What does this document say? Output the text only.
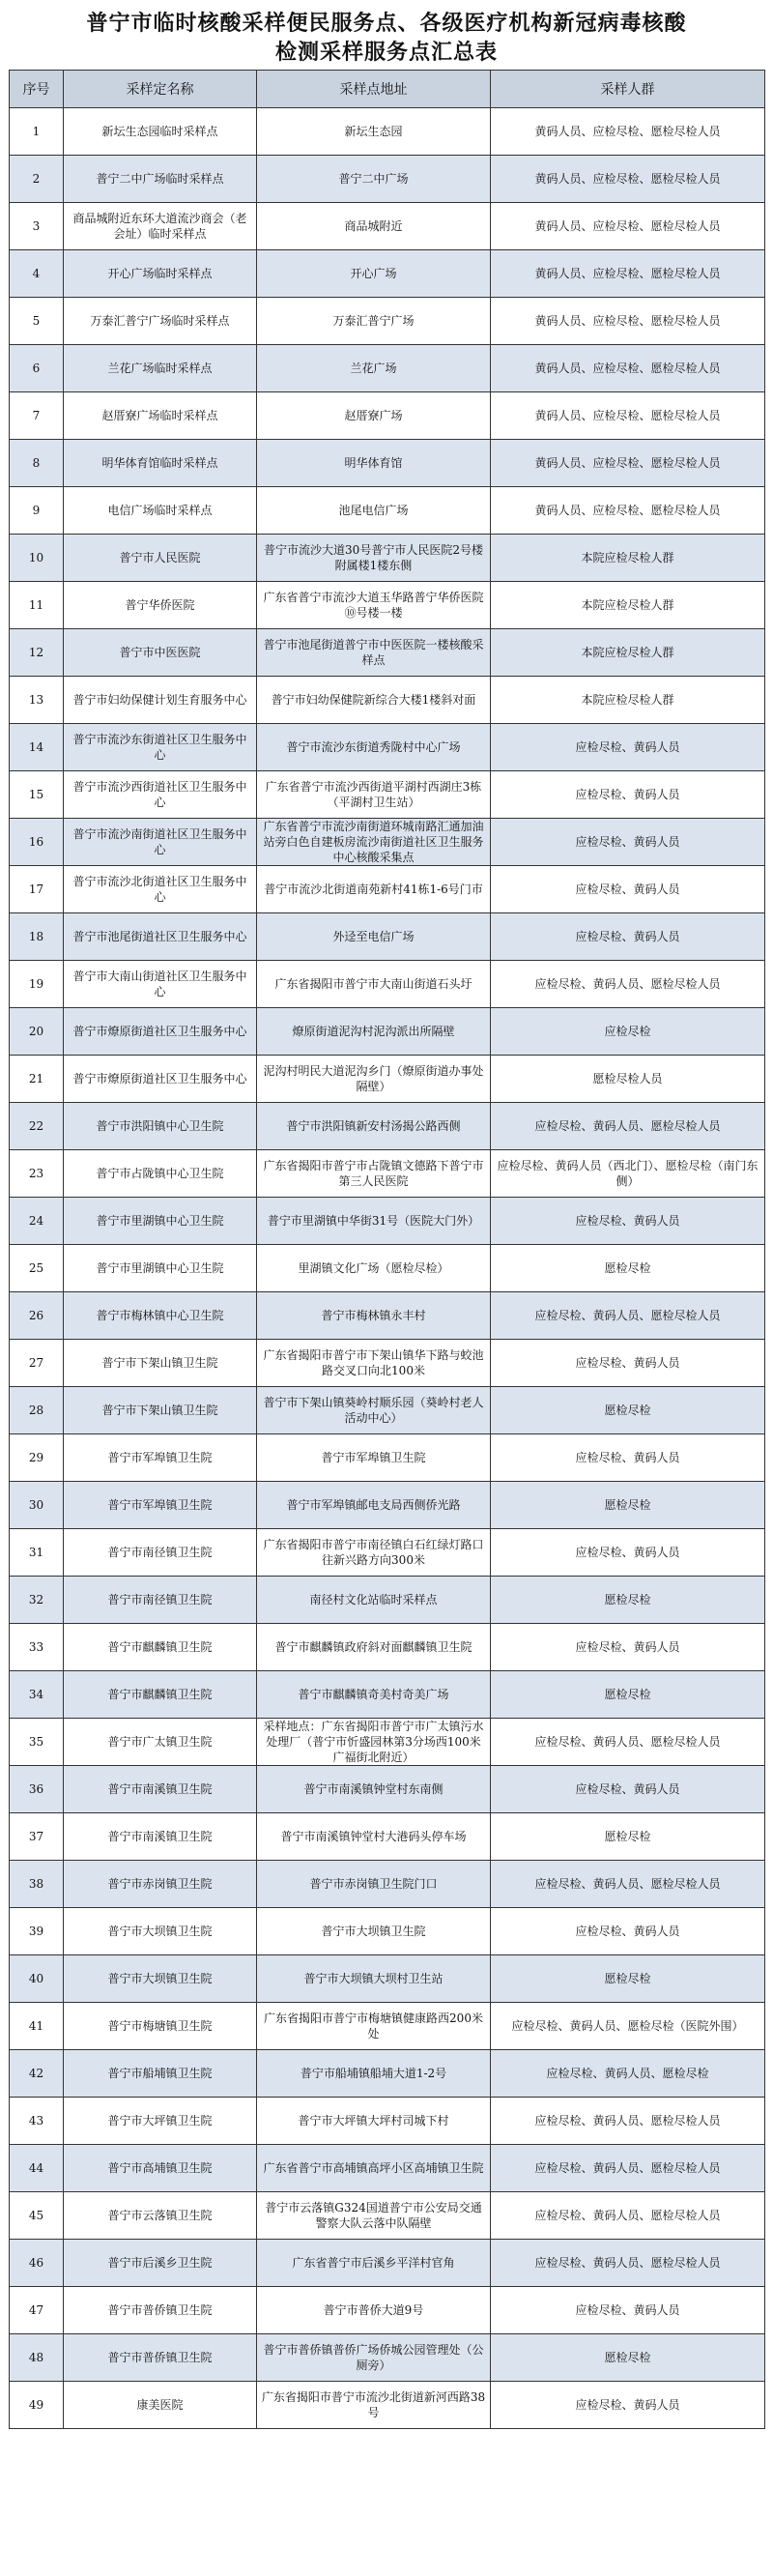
普宁市临时核酸采样便民服务点、各级医疗机构新冠病毒核酸
检测采样服务点汇总表
序号	采样定名称	采样点地址	采样人群
1	新坛生态园临时采样点	新坛生态园	黄码人员、应检尽检、愿检尽检人员
2	普宁二中广场临时采样点	普宁二中广场	黄码人员、应检尽检、愿检尽检人员
3	商品城附近东环大道流沙商会（老会址）临时采样点	商品城附近	黄码人员、应检尽检、愿检尽检人员
4	开心广场临时采样点	开心广场	黄码人员、应检尽检、愿检尽检人员
5	万泰汇普宁广场临时采样点	万泰汇普宁广场	黄码人员、应检尽检、愿检尽检人员
6	兰花广场临时采样点	兰花广场	黄码人员、应检尽检、愿检尽检人员
7	赵厝寮广场临时采样点	赵厝寮广场	黄码人员、应检尽检、愿检尽检人员
8	明华体育馆临时采样点	明华体育馆	黄码人员、应检尽检、愿检尽检人员
9	电信广场临时采样点	池尾电信广场	黄码人员、应检尽检、愿检尽检人员
10	普宁市人民医院	普宁市流沙大道30号普宁市人民医院2号楼附属楼1楼东侧	本院应检尽检人群
11	普宁华侨医院	广东省普宁市流沙大道玉华路普宁华侨医院⑩号楼一楼	本院应检尽检人群
12	普宁市中医医院	普宁市池尾街道普宁市中医医院一楼核酸采样点	本院应检尽检人群
13	普宁市妇幼保健计划生育服务中心	普宁市妇幼保健院新综合大楼1楼斜对面	本院应检尽检人群
14	普宁市流沙东街道社区卫生服务中心	普宁市流沙东街道秀陇村中心广场	应检尽检、黄码人员
15	普宁市流沙西街道社区卫生服务中心	广东省普宁市流沙西街道平湖村西湖庄3栋（平湖村卫生站）	应检尽检、黄码人员
16	普宁市流沙南街道社区卫生服务中心	广东省普宁市流沙南街道环城南路汇通加油站旁白色自建板房流沙南街道社区卫生服务中心核酸采集点	应检尽检、黄码人员
17	普宁市流沙北街道社区卫生服务中心	普宁市流沙北街道南苑新村41栋1-6号门市	应检尽检、黄码人员
18	普宁市池尾街道社区卫生服务中心	外迳至电信广场	应检尽检、黄码人员
19	普宁市大南山街道社区卫生服务中心	广东省揭阳市普宁市大南山街道石头圩	应检尽检、黄码人员、愿检尽检人员
20	普宁市燎原街道社区卫生服务中心	燎原街道泥沟村泥沟派出所隔壁	应检尽检
21	普宁市燎原街道社区卫生服务中心	泥沟村明民大道泥沟乡门（燎原街道办事处隔壁）	愿检尽检人员
22	普宁市洪阳镇中心卫生院	普宁市洪阳镇新安村汤揭公路西侧	应检尽检、黄码人员、愿检尽检人员
23	普宁市占陇镇中心卫生院	广东省揭阳市普宁市占陇镇文德路下普宁市第三人民医院	应检尽检、黄码人员（西北门）、愿检尽检（南门东侧）
24	普宁市里湖镇中心卫生院	普宁市里湖镇中华街31号（医院大门外）	应检尽检、黄码人员
25	普宁市里湖镇中心卫生院	里湖镇文化广场（愿检尽检）	愿检尽检
26	普宁市梅林镇中心卫生院	普宁市梅林镇永丰村	应检尽检、黄码人员、愿检尽检人员
27	普宁市下架山镇卫生院	广东省揭阳市普宁市下架山镇华下路与蛟池路交叉口向北100米	应检尽检、黄码人员
28	普宁市下架山镇卫生院	普宁市下架山镇葵岭村顺乐园（葵岭村老人活动中心）	愿检尽检
29	普宁市军埠镇卫生院	普宁市军埠镇卫生院	应检尽检、黄码人员
30	普宁市军埠镇卫生院	普宁市军埠镇邮电支局西侧侨光路	愿检尽检
31	普宁市南径镇卫生院	广东省揭阳市普宁市南径镇白石红绿灯路口往新兴路方向300米	应检尽检、黄码人员
32	普宁市南径镇卫生院	南径村文化站临时采样点	愿检尽检
33	普宁市麒麟镇卫生院	普宁市麒麟镇政府斜对面麒麟镇卫生院	应检尽检、黄码人员
34	普宁市麒麟镇卫生院	普宁市麒麟镇奇美村奇美广场	愿检尽检
35	普宁市广太镇卫生院	采样地点：广东省揭阳市普宁市广太镇污水处理厂（普宁市忻盛园林第3分场西100米广福街北附近）	应检尽检、黄码人员、愿检尽检人员
36	普宁市南溪镇卫生院	普宁市南溪镇钟堂村东南侧	应检尽检、黄码人员
37	普宁市南溪镇卫生院	普宁市南溪镇钟堂村大港码头停车场	愿检尽检
38	普宁市赤岗镇卫生院	普宁市赤岗镇卫生院门口	应检尽检、黄码人员、愿检尽检人员
39	普宁市大坝镇卫生院	普宁市大坝镇卫生院	应检尽检、黄码人员
40	普宁市大坝镇卫生院	普宁市大坝镇大坝村卫生站	愿检尽检
41	普宁市梅塘镇卫生院	广东省揭阳市普宁市梅塘镇健康路西200米处	应检尽检、黄码人员、愿检尽检（医院外围）
42	普宁市船埔镇卫生院	普宁市船埔镇船埔大道1-2号	应检尽检、黄码人员、愿检尽检
43	普宁市大坪镇卫生院	普宁市大坪镇大坪村司城下村	应检尽检、黄码人员、愿检尽检人员
44	普宁市高埔镇卫生院	广东省普宁市高埔镇高坪小区高埔镇卫生院	应检尽检、黄码人员、愿检尽检人员
45	普宁市云落镇卫生院	普宁市云落镇G324国道普宁市公安局交通警察大队云落中队隔壁	应检尽检、黄码人员、愿检尽检人员
46	普宁市后溪乡卫生院	广东省普宁市后溪乡平洋村官角	应检尽检、黄码人员、愿检尽检人员
47	普宁市普侨镇卫生院	普宁市普侨大道9号	应检尽检、黄码人员
48	普宁市普侨镇卫生院	普宁市普侨镇普侨广场侨城公园管理处（公厕旁）	愿检尽检
49	康美医院	广东省揭阳市普宁市流沙北街道新河西路38号	应检尽检、黄码人员
